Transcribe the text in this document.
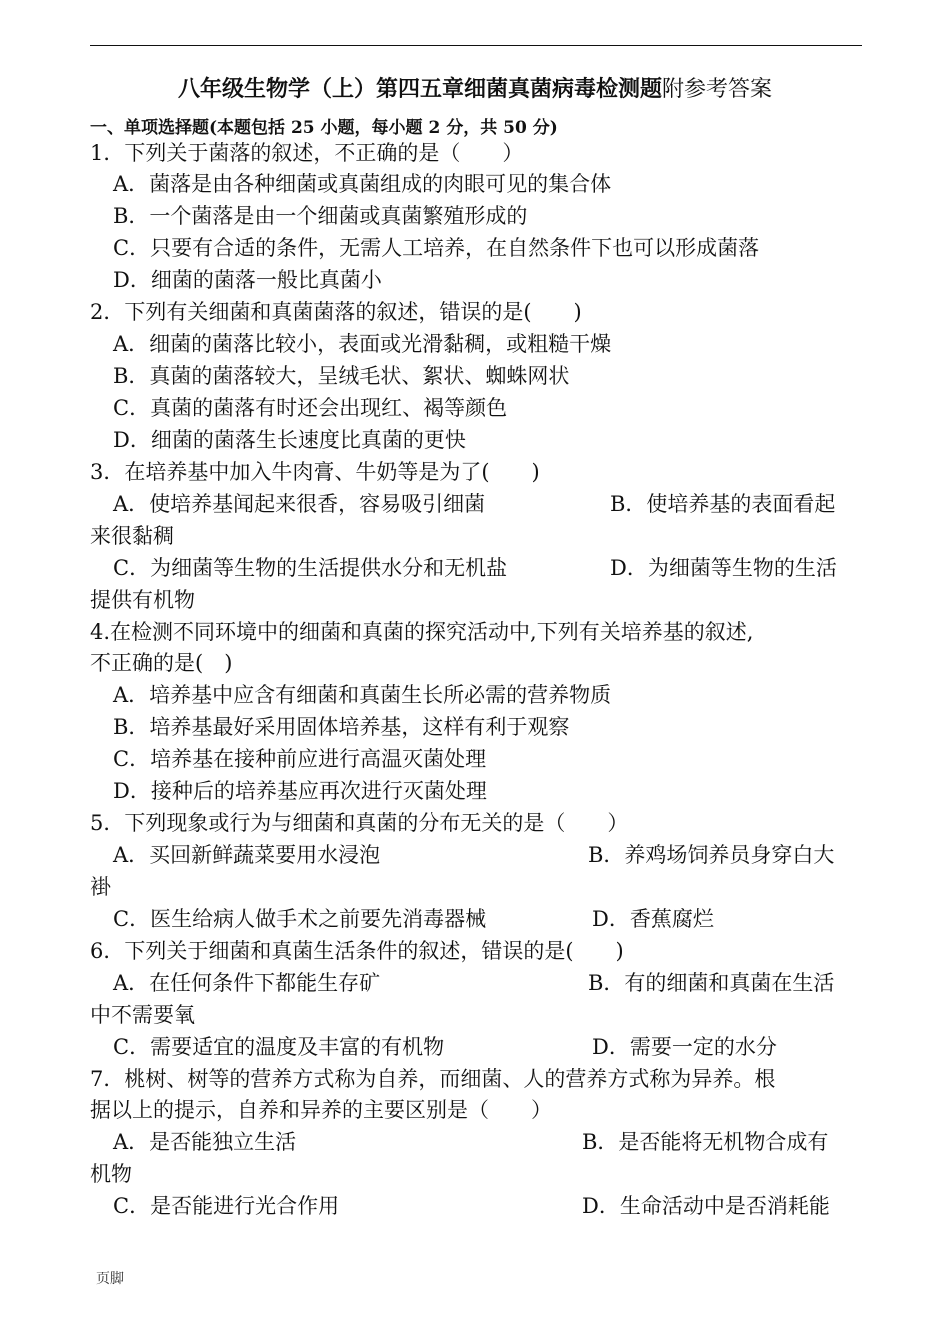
八年级生物学（上）第四五章细菌真菌病毒检测题附参考答案
一、单项选择题(本题包括 25 小题，每小题 2 分，共 50 分)
1．下列关于菌落的叙述，不正确的是（　　）
A．菌落是由各种细菌或真菌组成的肉眼可见的集合体
B．一个菌落是由一个细菌或真菌繁殖形成的
C．只要有合适的条件，无需人工培养，在自然条件下也可以形成菌落
D．细菌的菌落一般比真菌小
2．下列有关细菌和真菌菌落的叙述，错误的是(　　)
A．细菌的菌落比较小，表面或光滑黏稠，或粗糙干燥
B．真菌的菌落较大，呈绒毛状、絮状、蜘蛛网状
C．真菌的菌落有时还会出现红、褐等颜色
D．细菌的菌落生长速度比真菌的更快
3．在培养基中加入牛肉膏、牛奶等是为了(　　)
A．使培养基闻起来很香，容易吸引细菌	B．使培养基的表面看起
来很黏稠
C．为细菌等生物的生活提供水分和无机盐	D．为细菌等生物的生活
提供有机物
4.在检测不同环境中的细菌和真菌的探究活动中,下列有关培养基的叙述,
不正确的是(　)
A．培养基中应含有细菌和真菌生长所必需的营养物质
B．培养基最好采用固体培养基，这样有利于观察
C．培养基在接种前应进行高温灭菌处理
D．接种后的培养基应再次进行灭菌处理
5．下列现象或行为与细菌和真菌的分布无关的是（　　）
A．买回新鲜蔬菜要用水浸泡	B．养鸡场饲养员身穿白大
褂
C．医生给病人做手术之前要先消毒器械	D．香蕉腐烂
6．下列关于细菌和真菌生活条件的叙述，错误的是(　　)
A．在任何条件下都能生存矿	B．有的细菌和真菌在生活
中不需要氧
C．需要适宜的温度及丰富的有机物	D．需要一定的水分
7．桃树、树等的营养方式称为自养，而细菌、人的营养方式称为异养。根
据以上的提示，自养和异养的主要区别是（　　）
A．是否能独立生活	B．是否能将无机物合成有
机物
C．是否能进行光合作用	D．生命活动中是否消耗能
页脚
